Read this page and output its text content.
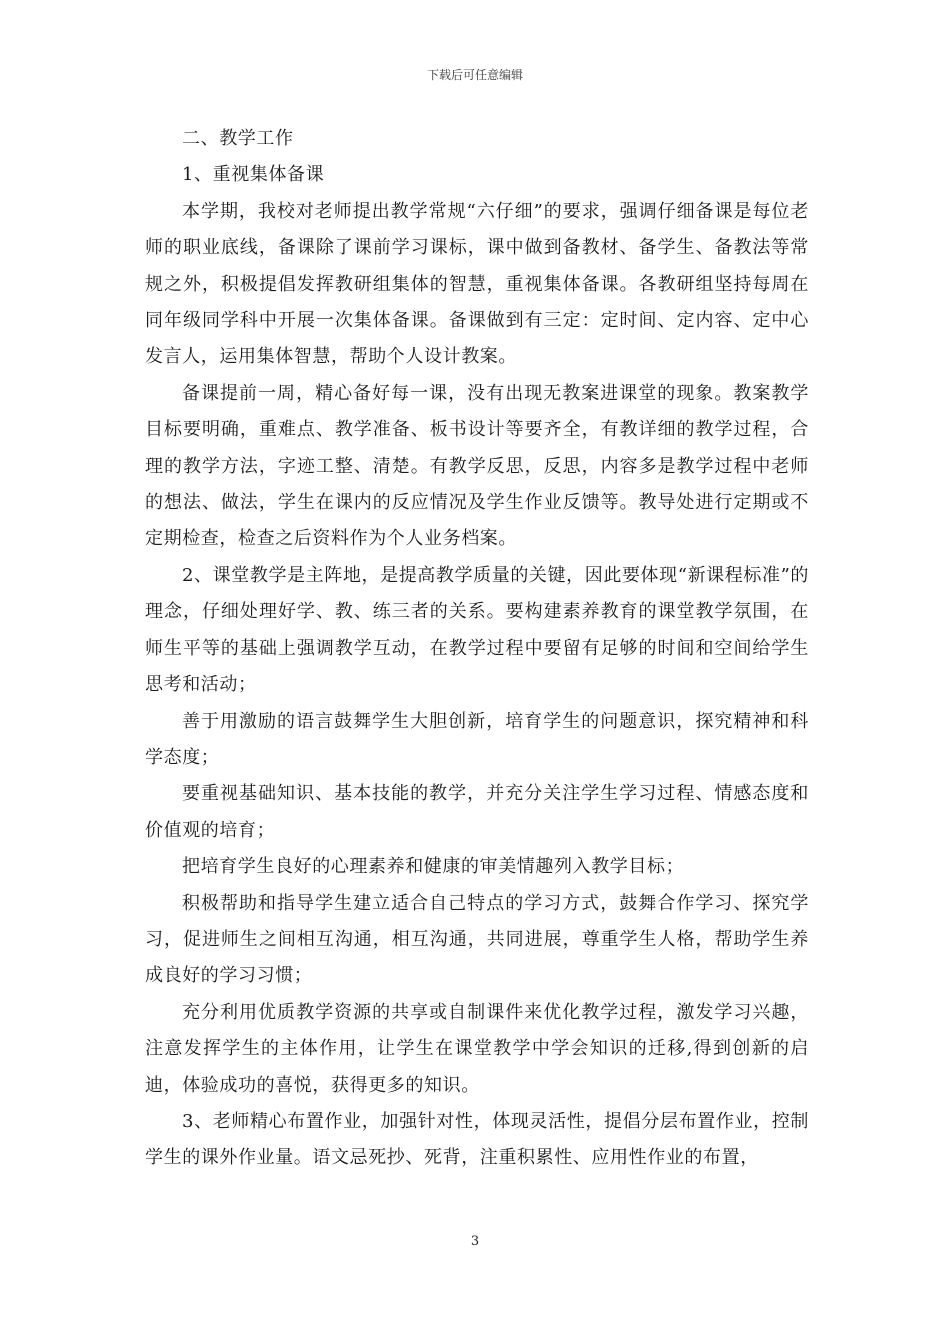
下载后可任意编辑

二、教学工作

1、重视集体备课

本学期，我校对老师提出教学常规“六仔细”的要求，强调仔细备课是每位老师的职业底线，备课除了课前学习课标，课中做到备教材、备学生、备教法等常规之外，积极提倡发挥教研组集体的智慧，重视集体备课。各教研组坚持每周在同年级同学科中开展一次集体备课。备课做到有三定：定时间、定内容、定中心发言人，运用集体智慧，帮助个人设计教案。

备课提前一周，精心备好每一课，没有出现无教案进课堂的现象。教案教学目标要明确，重难点、教学准备、板书设计等要齐全，有教详细的教学过程，合理的教学方法，字迹工整、清楚。有教学反思，反思，内容多是教学过程中老师的想法、做法，学生在课内的反应情况及学生作业反馈等。教导处进行定期或不定期检查，检查之后资料作为个人业务档案。

2、课堂教学是主阵地，是提高教学质量的关键，因此要体现“新课程标准”的理念，仔细处理好学、教、练三者的关系。要构建素养教育的课堂教学氛围，在师生平等的基础上强调教学互动，在教学过程中要留有足够的时间和空间给学生思考和活动；

善于用激励的语言鼓舞学生大胆创新，培育学生的问题意识，探究精神和科学态度；

要重视基础知识、基本技能的教学，并充分关注学生学习过程、情感态度和价值观的培育；

把培育学生良好的心理素养和健康的审美情趣列入教学目标；

积极帮助和指导学生建立适合自己特点的学习方式，鼓舞合作学习、探究学习，促进师生之间相互沟通，相互沟通，共同进展，尊重学生人格，帮助学生养成良好的学习习惯；

充分利用优质教学资源的共享或自制课件来优化教学过程，激发学习兴趣，注意发挥学生的主体作用，让学生在课堂教学中学会知识的迁移,得到创新的启迪，体验成功的喜悦，获得更多的知识。

3、老师精心布置作业，加强针对性，体现灵活性，提倡分层布置作业，控制学生的课外作业量。语文忌死抄、死背，注重积累性、应用性作业的布置，

3
